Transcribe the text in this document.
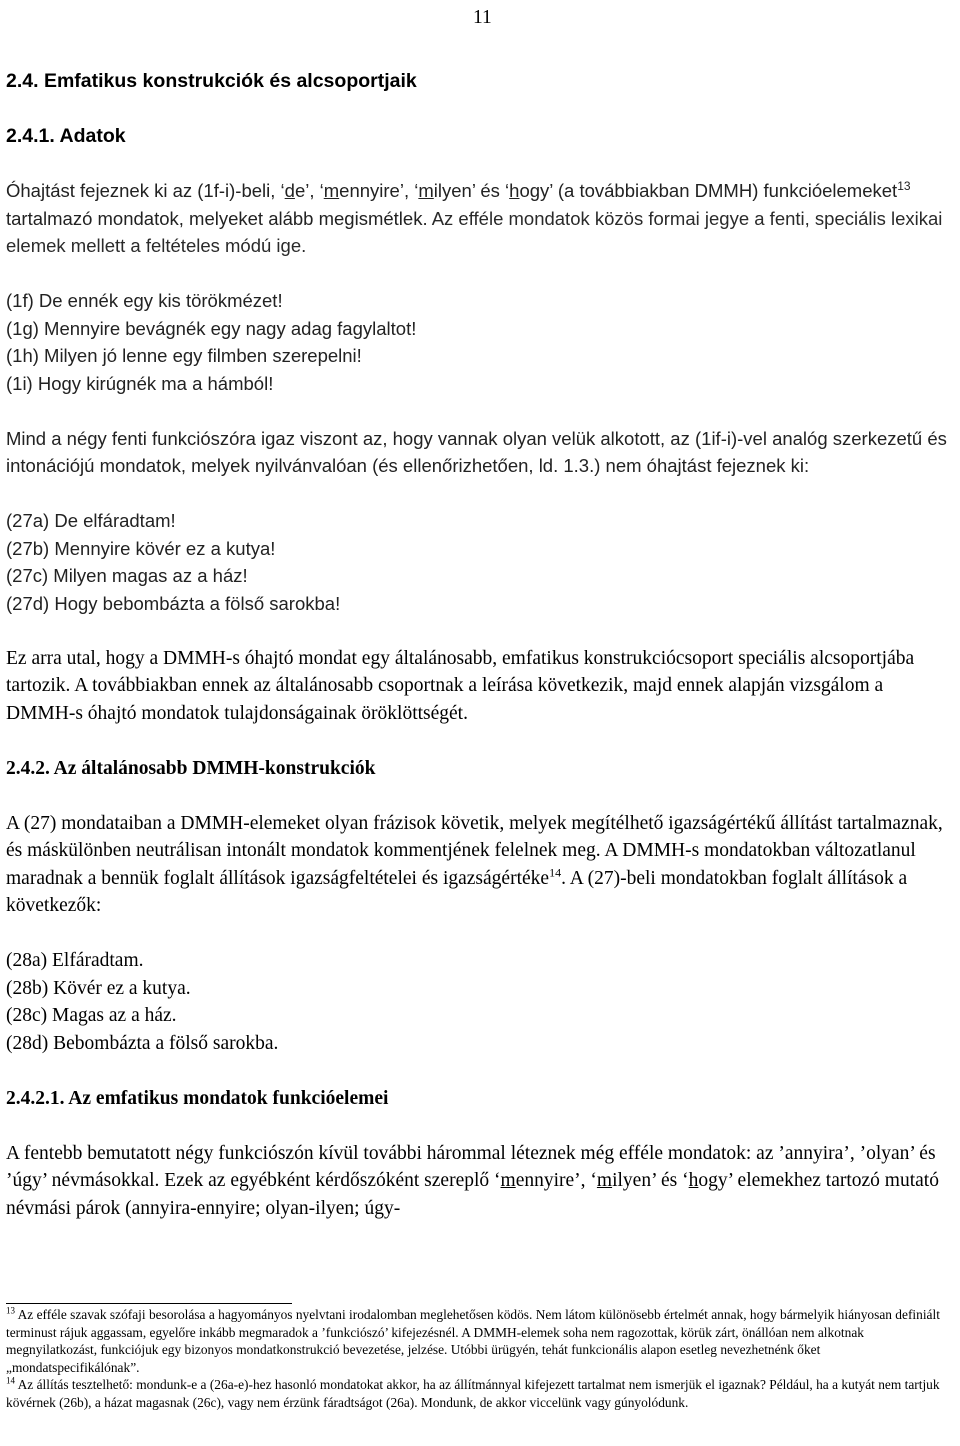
11
2.4. Emfatikus konstrukciók és alcsoportjaik
2.4.1. Adatok

Óhajtást fejeznek ki az (1f-i)-beli, ‘de’, ‘mennyire’, ‘milyen’ és ‘hogy’ (a továbbiakban DMMH) funkcióelemeket$^{13}$ tartalmazó mondatok, melyeket alább megismétlek. Az efféle mondatok közös formai jegye a fenti, speciális lexikai elemek mellett a feltételes módú ige.

(1f) De ennék egy kis törökmézet!
(1g) Mennyire bevágnék egy nagy adag fagylaltot!
(1h) Milyen jó lenne egy filmben szerepelni!
(1i) Hogy kirúgnék ma a hámból!

Mind a négy fenti funkciószóra igaz viszont az, hogy vannak olyan velük alkotott, az (1if-i)-vel analóg szerkezetű és intonációjú mondatok, melyek nyilvánvalóan (és ellenőrizhetően, ld. 1.3.) nem óhajtást fejeznek ki:

(27a) De elfáradtam!
(27b) Mennyire kövér ez a kutya!
(27c) Milyen magas az a ház!
(27d) Hogy bebombázta a fölső sarokba!

Ez arra utal, hogy a DMMH-s óhajtó mondat egy általánosabb, emfatikus konstrukciócsoport speciális alcsoportjába tartozik. A továbbiakban ennek az általánosabb csoportnak a leírása következik, majd ennek alapján vizsgálom a DMMH-s óhajtó mondatok tulajdonságainak öröklöttségét.

2.4.2. Az általánosabb DMMH-konstrukciók

A (27) mondataiban a DMMH-elemeket olyan frázisok követik, melyek megítélhető igazságértékű állítást tartalmaznak, és máskülönben neutrálisan intonált mondatok kommentjének felelnek meg. A DMMH-s mondatokban változatlanul maradnak a bennük foglalt állítások igazságfeltételei és igazságértéke$^{14}$. A (27)-beli mondatokban foglalt állítások a következők:

(28a) Elfáradtam.
(28b) Kövér ez a kutya.
(28c) Magas az a ház.
(28d) Bebombázta a fölső sarokba.
2.4.2.1. Az emfatikus mondatok funkcióelemei

A fentebb bemutatott négy funkciószón kívül további hárommal léteznek még efféle mondatok: az ’annyira’, ’olyan’ és ’úgy’ névmásokkal. Ezek az egyébként kérdőszóként szereplő ‘mennyire’, ‘milyen’ és ‘hogy’ elemekhez tartozó mutató névmási párok (annyira-ennyire; olyan-ilyen; úgy-

$^{13}$ Az efféle szavak szófaji besorolása a hagyományos nyelvtani irodalomban meglehetősen ködös. Nem látom különösebb értelmét annak, hogy bármelyik hiányosan definiált terminust rájuk aggassam, egyelőre inkább megmaradok a ’funkciószó’ kifejezésnél. A DMMH-elemek soha nem ragozottak, körük zárt, önállóan nem alkotnak megnyilatkozást, funkciójuk egy bizonyos mondatkonstrukció bevezetése, jelzése. Utóbbi ürügyén, tehát funkcionális alapon esetleg nevezhetnénk őket „mondatspecifikálónak”.

$^{14}$ Az állítás tesztelhető: mondunk-e a (26a-e)-hez hasonló mondatokat akkor, ha az állítmánnyal kifejezett tartalmat nem ismerjük el igaznak? Például, ha a kutyát nem tartjuk kövérnek (26b), a házat magasnak (26c), vagy nem érzünk fáradtságot (26a). Mondunk, de akkor viccelünk vagy gúnyolódunk.
